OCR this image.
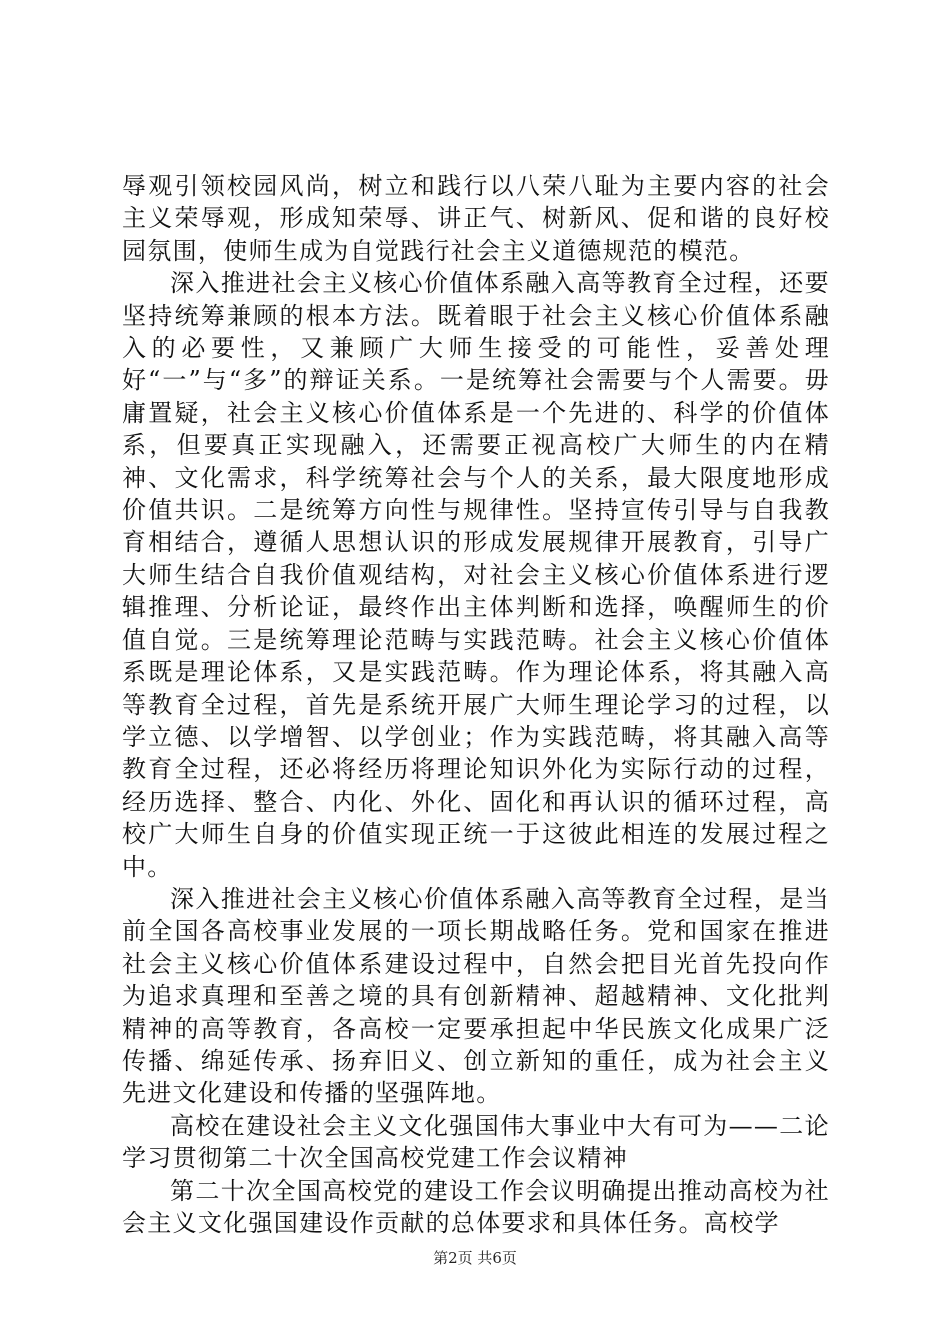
辱观引领校园风尚，树立和践行以八荣八耻为主要内容的社会主义荣辱观，形成知荣辱、讲正气、树新风、促和谐的良好校园氛围，使师生成为自觉践行社会主义道德规范的模范。

深入推进社会主义核心价值体系融入高等教育全过程，还要坚持统筹兼顾的根本方法。既着眼于社会主义核心价值体系融入的必要性，又兼顾广大师生接受的可能性，妥善处理好“一”与“多”的辩证关系。一是统筹社会需要与个人需要。毋庸置疑，社会主义核心价值体系是一个先进的、科学的价值体系，但要真正实现融入，还需要正视高校广大师生的内在精神、文化需求，科学统筹社会与个人的关系，最大限度地形成价值共识。二是统筹方向性与规律性。坚持宣传引导与自我教育相结合，遵循人思想认识的形成发展规律开展教育，引导广大师生结合自我价值观结构，对社会主义核心价值体系进行逻辑推理、分析论证，最终作出主体判断和选择，唤醒师生的价值自觉。三是统筹理论范畴与实践范畴。社会主义核心价值体系既是理论体系，又是实践范畴。作为理论体系，将其融入高等教育全过程，首先是系统开展广大师生理论学习的过程，以学立德、以学增智、以学创业；作为实践范畴，将其融入高等教育全过程，还必将经历将理论知识外化为实际行动的过程，经历选择、整合、内化、外化、固化和再认识的循环过程，高校广大师生自身的价值实现正统一于这彼此相连的发展过程之中。

深入推进社会主义核心价值体系融入高等教育全过程，是当前全国各高校事业发展的一项长期战略任务。党和国家在推进社会主义核心价值体系建设过程中，自然会把目光首先投向作为追求真理和至善之境的具有创新精神、超越精神、文化批判精神的高等教育，各高校一定要承担起中华民族文化成果广泛传播、绵延传承、扬弃旧义、创立新知的重任，成为社会主义先进文化建设和传播的坚强阵地。

高校在建设社会主义文化强国伟大事业中大有可为——二论学习贯彻第二十次全国高校党建工作会议精神

第二十次全国高校党的建设工作会议明确提出推动高校为社会主义文化强国建设作贡献的总体要求和具体任务。高校学

第2页 共6页
